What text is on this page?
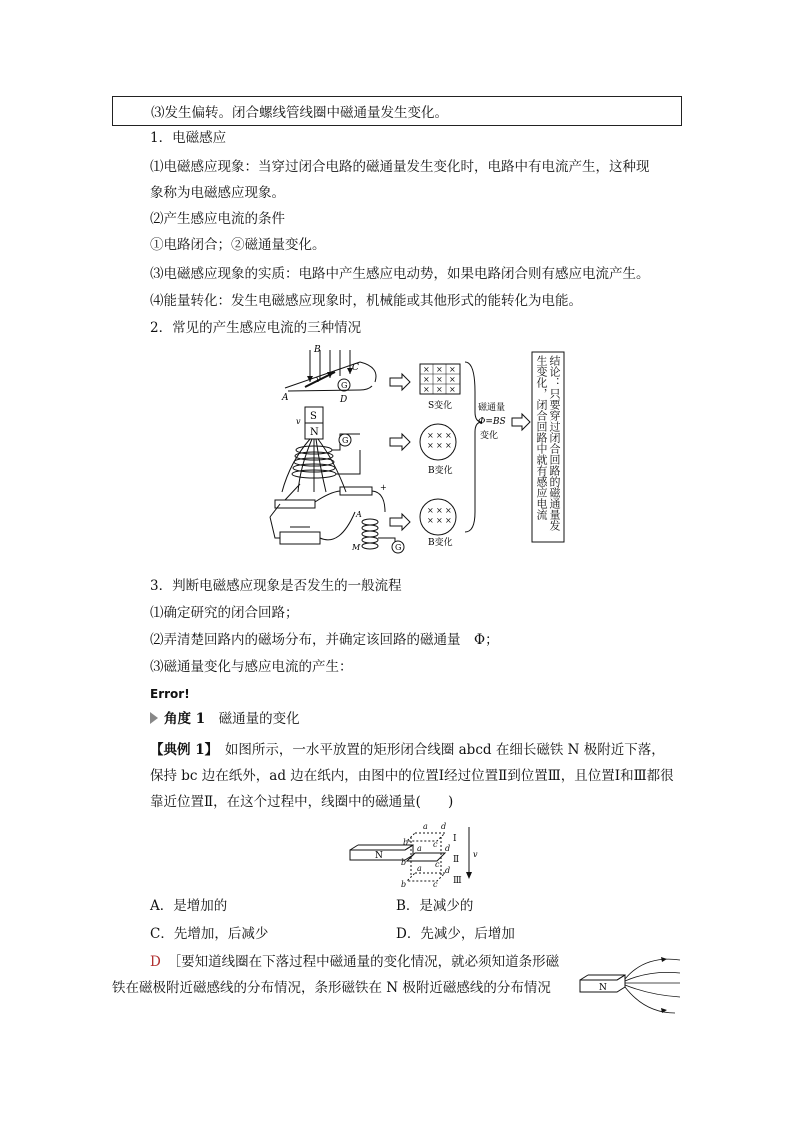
⑶发生偏转。闭合螺线管线圈中磁通量发生变化。
1．电磁感应
⑴电磁感应现象：当穿过闭合电路的磁通量发生变化时，电路中有电流产生，这种现
象称为电磁感应现象。
⑵产生感应电流的条件
①电路闭合；②磁通量变化。
⑶电磁感应现象的实质：电路中产生感应电动势，如果电路闭合则有感应电流产生。
⑷能量转化：发生电磁感应现象时，机械能或其他形式的能转化为电能。
2．常见的产生感应电流的三种情况
G
B
C
A	D
v
S
N
v
G
+
A
M	G
× × ×
× × ×
× × ×
S变化
× × ×
× × ×
B变化
× × ×
× × ×
B变化
磁通量
Φ=BS
变化	结论：只要穿过闭合回路的磁通量发
生变化，闭合回路中就有感应电流
3．判断电磁感应现象是否发生的一般流程
⑴确定研究的闭合回路；
⑵弄清楚回路内的磁场分布，并确定该回路的磁通量　Φ；
⑶磁通量变化与感应电流的产生：
Error!
角度 1　 磁通量的变化
【典例 1】　 如图所示，一水平放置的矩形闭合线圈 abcd 在细长磁铁 N 极附近下落，
保持 bc 边在纸外，ad 边在纸内，由图中的位置Ⅰ经过位置Ⅱ到位置Ⅲ，且位置Ⅰ和Ⅲ都很
靠近位置Ⅱ，在这个过程中，线圈中的磁通量(　　)
N
a d
b	c
a	d
b	c
a	d
b	c
Ⅰ
Ⅱ
Ⅲ
v
A．是增加的	B．是减少的
C．先增加，后减少	D．先减少，后增加
D　 ［要知道线圈在下落过程中磁通量的变化情况，就必须知道条形磁
铁在磁极附近磁感线的分布情况，条形磁铁在 N 极附近磁感线的分布情况	N
